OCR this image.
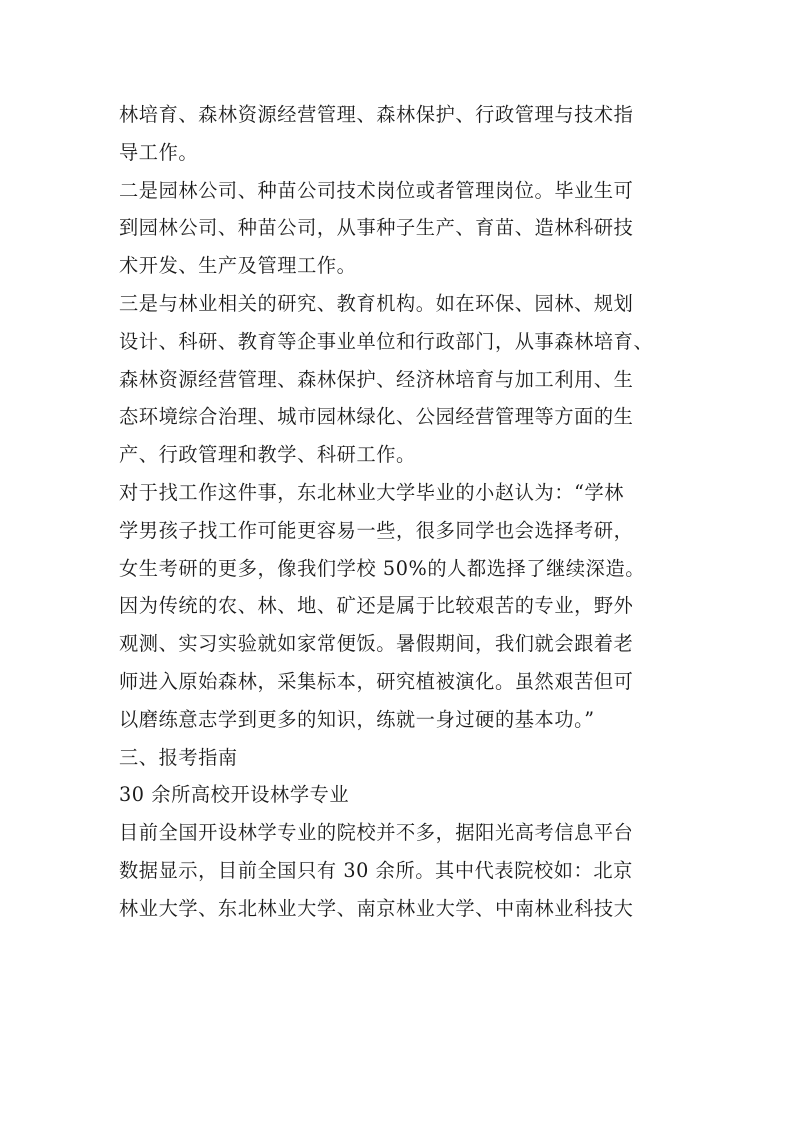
林培育、森林资源经营管理、森林保护、行政管理与技术指
导工作。
二是园林公司、种苗公司技术岗位或者管理岗位。毕业生可
到园林公司、种苗公司，从事种子生产、育苗、造林科研技
术开发、生产及管理工作。
三是与林业相关的研究、教育机构。如在环保、园林、规划
设计、科研、教育等企事业单位和行政部门，从事森林培育、
森林资源经营管理、森林保护、经济林培育与加工利用、生
态环境综合治理、城市园林绿化、公园经营管理等方面的生
产、行政管理和教学、科研工作。
对于找工作这件事，东北林业大学毕业的小赵认为：“学林
学男孩子找工作可能更容易一些，很多同学也会选择考研，
女生考研的更多，像我们学校 50%的人都选择了继续深造。
因为传统的农、林、地、矿还是属于比较艰苦的专业，野外
观测、实习实验就如家常便饭。暑假期间，我们就会跟着老
师进入原始森林，采集标本，研究植被演化。虽然艰苦但可
以磨练意志学到更多的知识，练就一身过硬的基本功。”
三、报考指南
30 余所高校开设林学专业
目前全国开设林学专业的院校并不多，据阳光高考信息平台
数据显示，目前全国只有 30 余所。其中代表院校如：北京
林业大学、东北林业大学、南京林业大学、中南林业科技大
